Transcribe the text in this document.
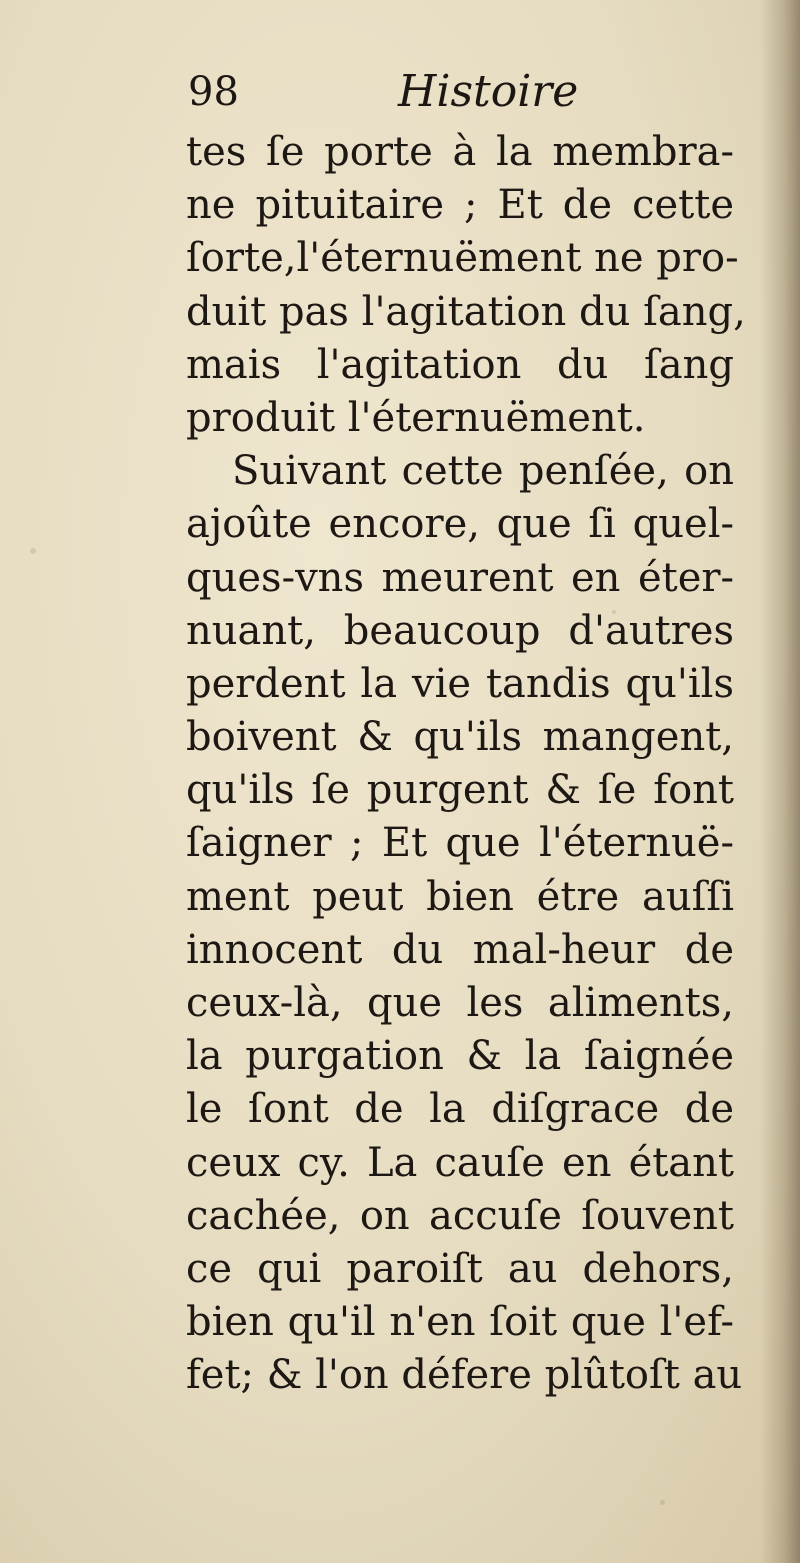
98	Histoire
tes ſe porte à la membra-
ne pituitaire ; Et de cette
ſorte,l'éternuëment ne pro-
duit pas l'agitation du ſang,
mais l'agitation du ſang
produit l'éternuëment.
Suivant cette penſée, on
ajoûte encore, que ſi quel-
ques-vns meurent en éter-
nuant, beaucoup d'autres
perdent la vie tandis qu'ils
boivent & qu'ils mangent,
qu'ils ſe purgent & ſe font
ſaigner ; Et que l'éternuë-
ment peut bien étre auſſi
innocent du mal-heur de
ceux-là, que les aliments,
la purgation & la ſaignée
le ſont de la diſgrace de
ceux cy. La cauſe en étant
cachée, on accuſe ſouvent
ce qui paroiſt au dehors,
bien qu'il n'en ſoit que l'ef-
fet; & l'on défere plûtoſt au
